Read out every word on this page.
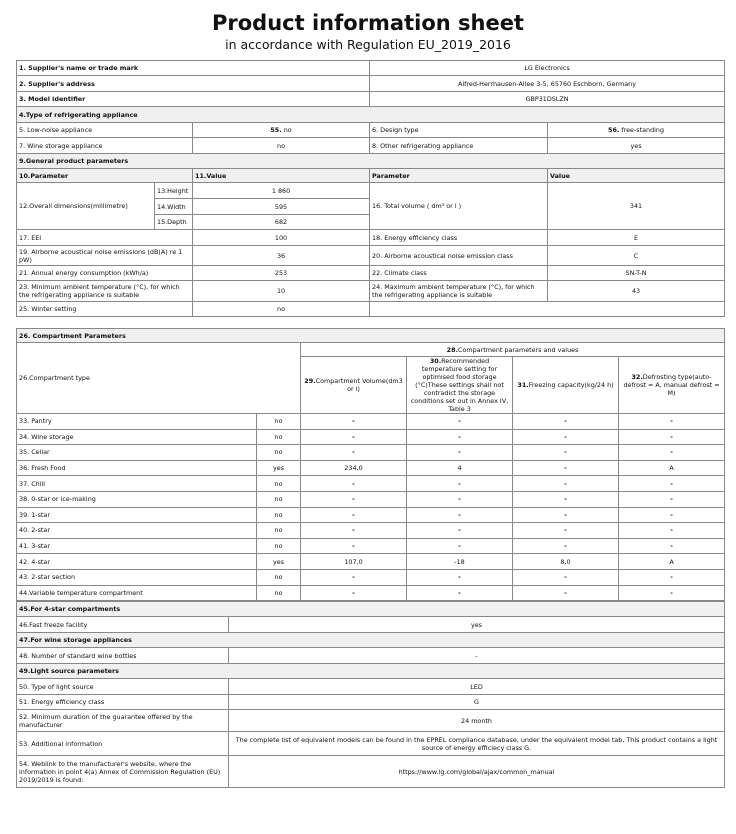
Product information sheet
in accordance with Regulation EU_2019_2016
1. Supplier's name or trade mark			LG Electronics	
2. Supplier's address			Alfred-Herrhausen-Allee 3-5, 65760 Eschborn, Germany	
3. Model identifier			GBP31DSLZN	
4.Type of refrigerating appliance				
5. Low-noise appliance		55. no	6. Design type	56. free-standing
7. Wine storage appliance		no	8. Other refrigerating appliance	yes
9.General product parameters				
10.Parameter		11.Value	Parameter	Value
12.Overall dimensions(millimetre)	13.Height	1 860	16. Total volume ( dm³ or l )	341
	14.Width	595		
	15.Depth	682		
17. EEI		100	18. Energy efficiency class	E
19. Airborne acoustical noise emissions (dB(A) re 1 pW)		36	20. Airborne acoustical noise emission class	C
21. Annual energy consumption (kWh/a)		253	22. Climate class	SN-T-N
23. Minimum ambient temperature (°C), for which the refrigerating appliance is suitable		10	24. Maximum ambient temperature (°C), for which the refrigerating appliance is suitable	43
25. Winter setting		no		
26. Compartment Parameters					
26.Compartment type		28.Compartment parameters and values			
		29.Compartment Volume(dm3 or l)	30.Recommended temperature setting for optimised food storage (°C)These settings shall not contradict the storage conditions set out in Annex IV, Table 3	31.Freezing capacity(kg/24 h)	32.Defrosting type(auto-defrost = A, manual defrost = M)
33. Pantry	no	-	-	-	-
34. Wine storage	no	-	-	-	-
35. Cellar	no	-	-	-	-
36. Fresh Food	yes	234,0	4	-	A
37. Chill	no	-	-	-	-
38. 0-star or ice-making	no	-	-	-	-
39. 1-star	no	-	-	-	-
40. 2-star	no	-	-	-	-
41. 3-star	no	-	-	-	-
42. 4-star	yes	107,0	-18	8,0	A
43. 2-star section	no	-	-	-	-
44.Variable temperature compartment	no	-	-	-	-
45.For 4-star compartments	
46.Fast freeze facility	yes
47.For wine storage appliances	
48. Number of standard wine bottles	-
49.Light source parameters	
50. Type of light source	LED
51. Energy efficiency class	G
52. Minimum duration of the guarantee offered by the manufacturer	24 month
53. Additional information	The complete list of equivalent models can be found in the EPREL compliance database, under the equivalent model tab, This product contains a light source of energy efficiecy class G.
54. Weblink to the manufacturer's website, where the information in point 4(a) Annex of Commission Regulation (EU) 2019/2019 is found:	https://www.lg.com/global/ajax/common_manual
